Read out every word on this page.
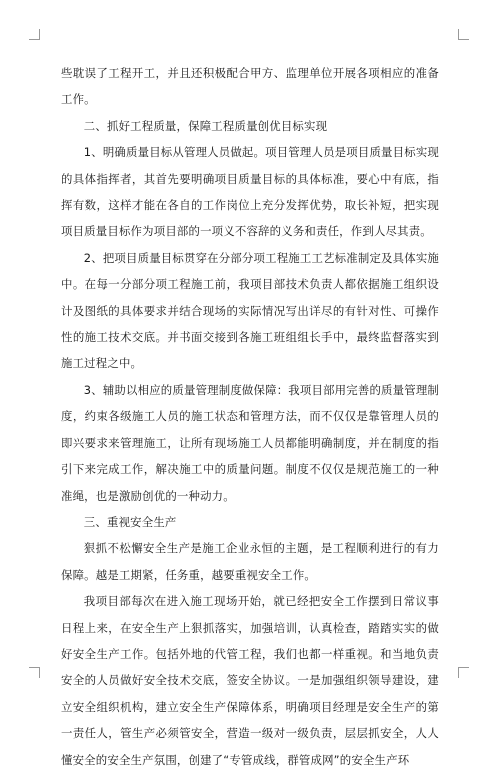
些耽误了工程开工，并且还积极配合甲方、监理单位开展各项相应的准备工作。

二、抓好工程质量，保障工程质量创优目标实现

1、明确质量目标从管理人员做起。项目管理人员是项目质量目标实现的具体指挥者，其首先要明确项目质量目标的具体标准，要心中有底，指挥有数，这样才能在各自的工作岗位上充分发挥优势，取长补短，把实现项目质量目标作为项目部的一项义不容辞的义务和责任，作到人尽其责。

2、把项目质量目标贯穿在分部分项工程施工工艺标准制定及具体实施中。在每一分部分项工程施工前，我项目部技术负责人都依据施工组织设计及图纸的具体要求并结合现场的实际情况写出详尽的有针对性、可操作性的施工技术交底。并书面交接到各施工班组组长手中，最终监督落实到施工过程之中。

3、辅助以相应的质量管理制度做保障：我项目部用完善的质量管理制度，约束各级施工人员的施工状态和管理方法，而不仅仅是靠管理人员的即兴要求来管理施工，让所有现场施工人员都能明确制度，并在制度的指引下来完成工作，解决施工中的质量问题。制度不仅仅是规范施工的一种准绳，也是激励创优的一种动力。

三、重视安全生产

狠抓不松懈安全生产是施工企业永恒的主题，是工程顺利进行的有力保障。越是工期紧，任务重，越要重视安全工作。

我项目部每次在进入施工现场开始，就已经把安全工作摆到日常议事日程上来，在安全生产上狠抓落实，加强培训，认真检查，踏踏实实的做好安全生产工作。包括外地的代管工程，我们也都一样重视。和当地负责安全的人员做好安全技术交底，签安全协议。一是加强组织领导建设，建立安全组织机构，建立安全生产保障体系，明确项目经理是安全生产的第一责任人，管生产必须管安全，营造一级对一级负责，层层抓安全，人人懂安全的安全生产氛围，创建了“专管成线，群管成网”的安全生产环
